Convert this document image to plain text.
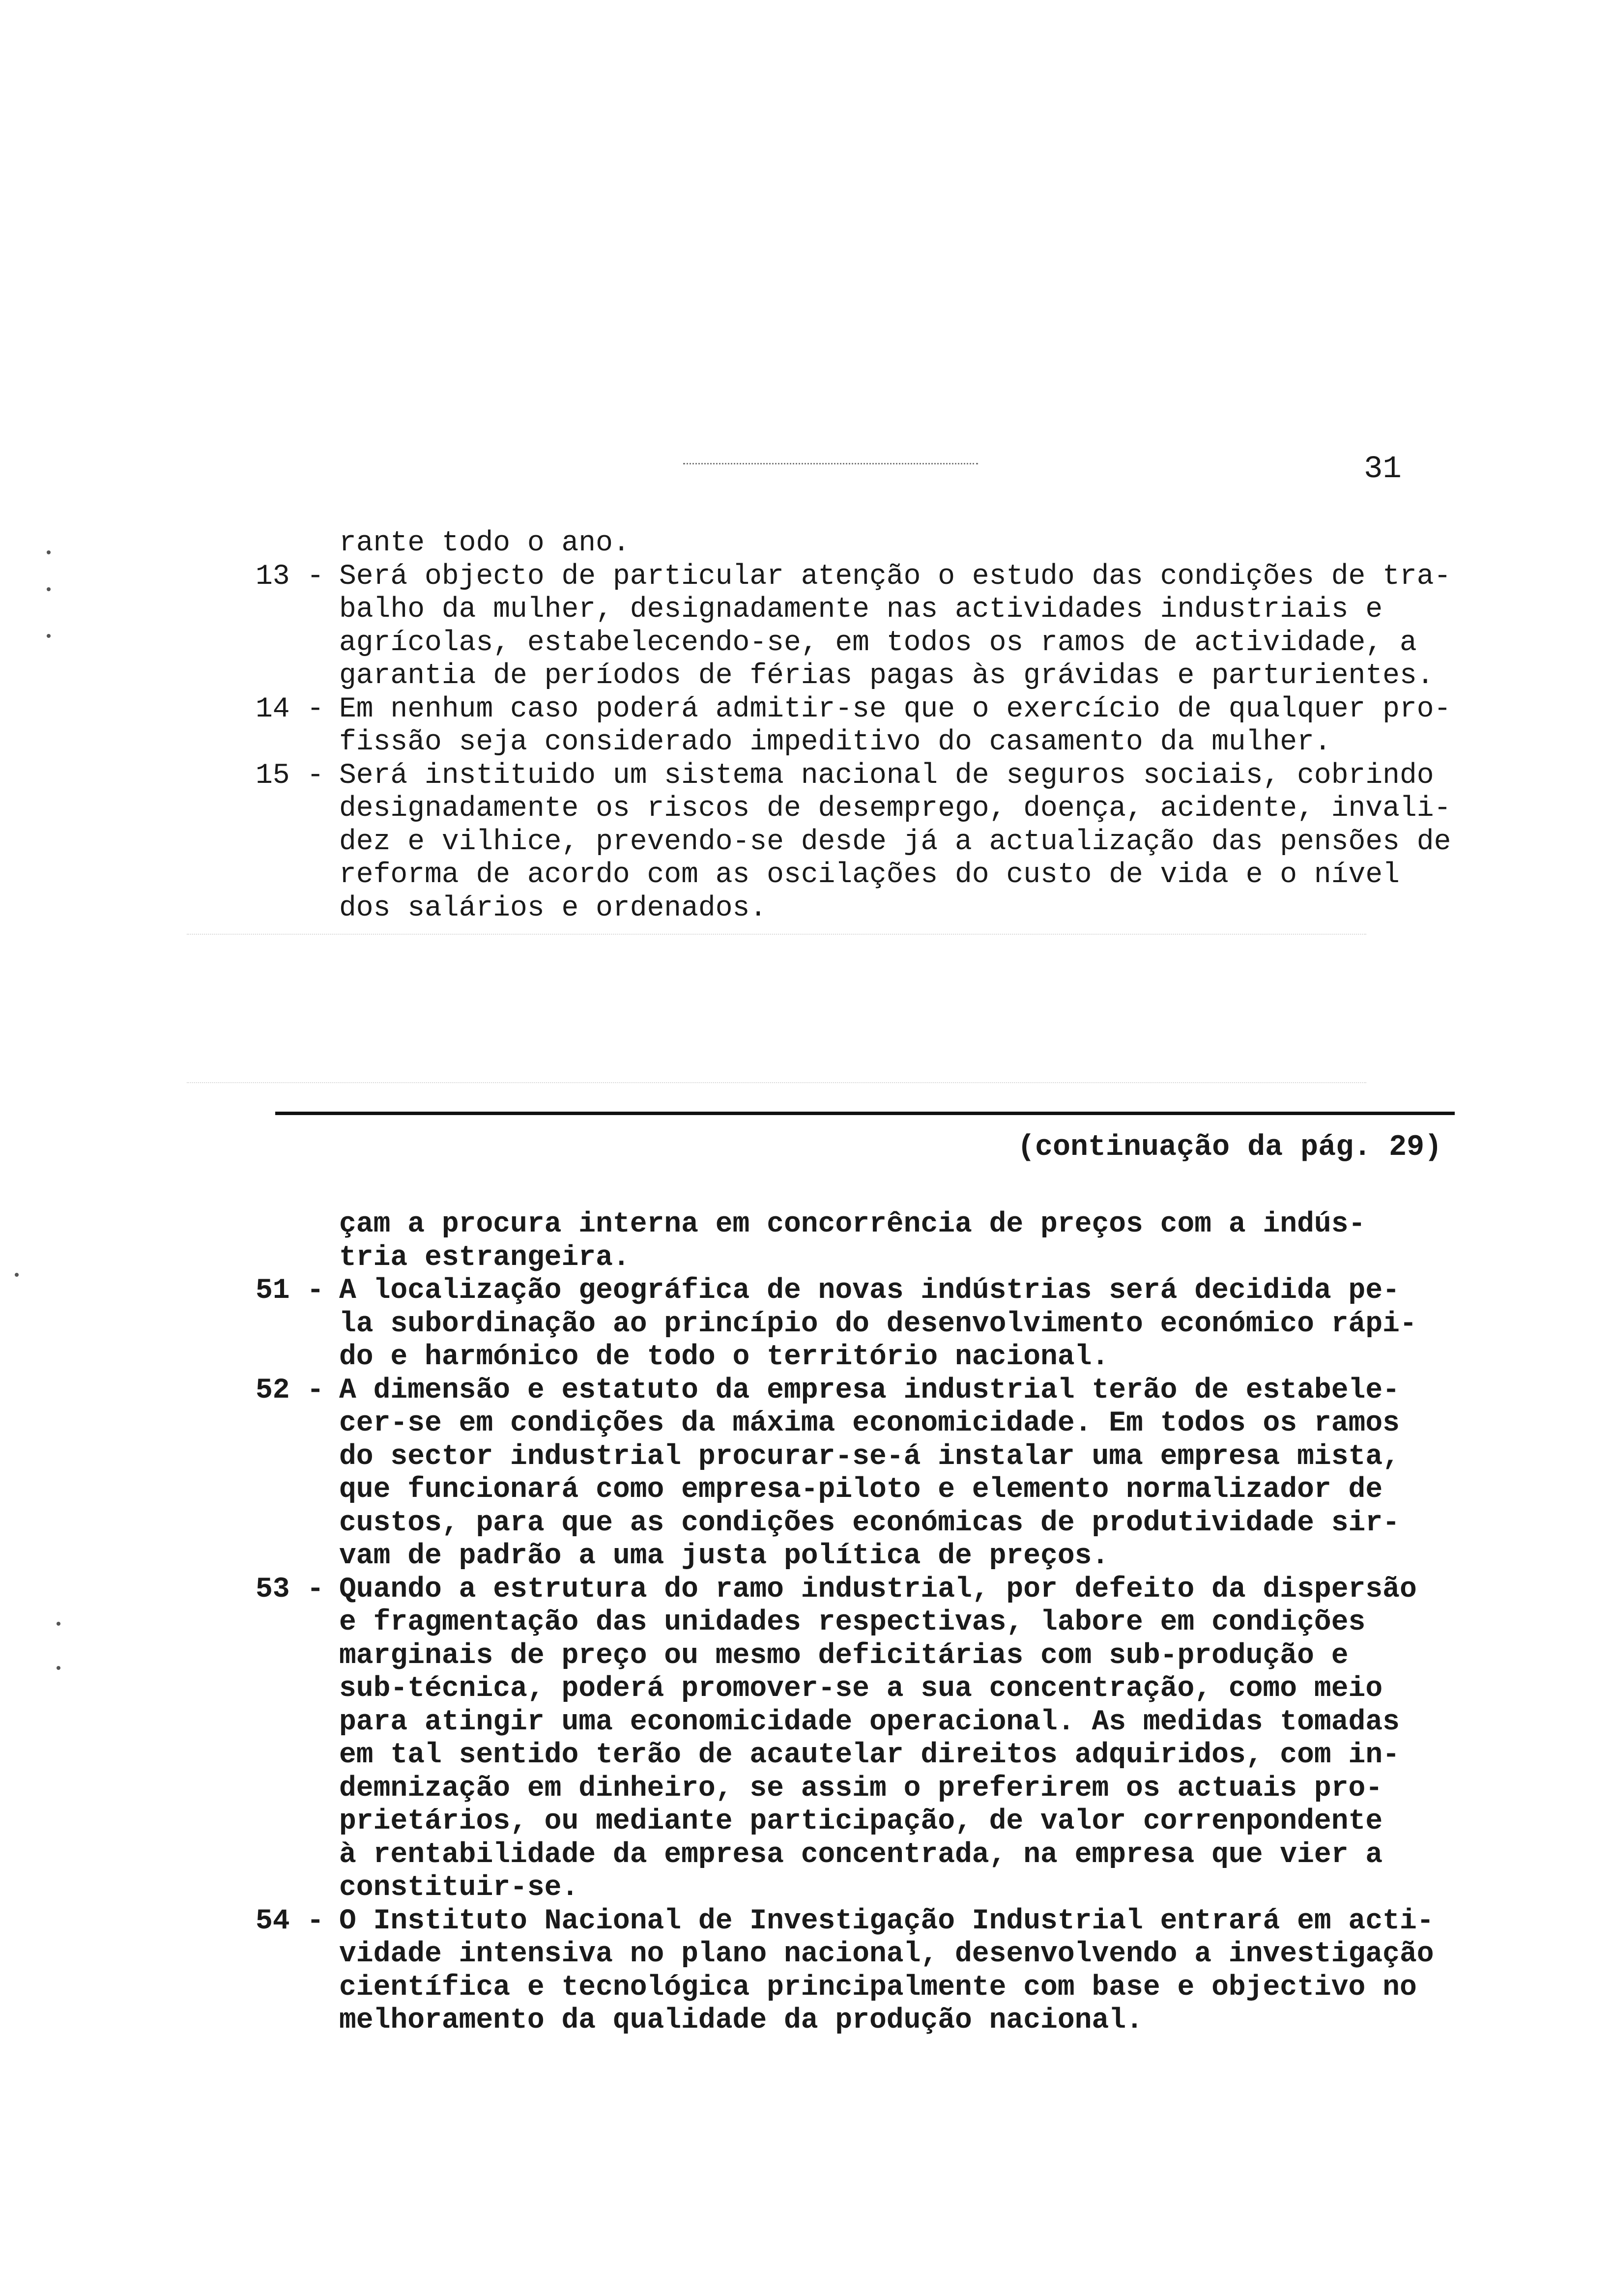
31
rante todo o ano.
13 - Será objecto de particular atenção o estudo das condições de tra-
balho da mulher, designadamente nas actividades industriais e
agrícolas, estabelecendo-se, em todos os ramos de actividade, a
garantia de períodos de férias pagas às grávidas e parturientes.
14 - Em nenhum caso poderá admitir-se que o exercício de qualquer pro-
fissão seja considerado impeditivo do casamento da mulher.
15 - Será instituido um sistema nacional de seguros sociais, cobrindo
designadamente os riscos de desemprego, doença, acidente, invali-
dez e vilhice, prevendo-se desde já a actualização das pensões de
reforma de acordo com as oscilações do custo de vida e o nível
dos salários e ordenados.
(continuação da pág. 29)
çam a procura interna em concorrência de preços com a indús-
tria estrangeira.
51 - A localização geográfica de novas indústrias será decidida pe-
la subordinação ao princípio do desenvolvimento económico rápi-
do e harmónico de todo o território nacional.
52 - A dimensão e estatuto da empresa industrial terão de estabele-
cer-se em condições da máxima economicidade. Em todos os ramos
do sector industrial procurar-se-á instalar uma empresa mista,
que funcionará como empresa-piloto e elemento normalizador de
custos, para que as condições económicas de produtividade sir-
vam de padrão a uma justa política de preços.
53 - Quando a estrutura do ramo industrial, por defeito da dispersão
e fragmentação das unidades respectivas, labore em condições
marginais de preço ou mesmo deficitárias com sub-produção e
sub-técnica, poderá promover-se a sua concentração, como meio
para atingir uma economicidade operacional. As medidas tomadas
em tal sentido terão de acautelar direitos adquiridos, com in-
demnização em dinheiro, se assim o preferirem os actuais pro-
prietários, ou mediante participação, de valor correnpondente
à rentabilidade da empresa concentrada, na empresa que vier a
constituir-se.
54 - O Instituto Nacional de Investigação Industrial entrará em acti-
vidade intensiva no plano nacional, desenvolvendo a investigação
científica e tecnológica principalmente com base e objectivo no
melhoramento da qualidade da produção nacional.
